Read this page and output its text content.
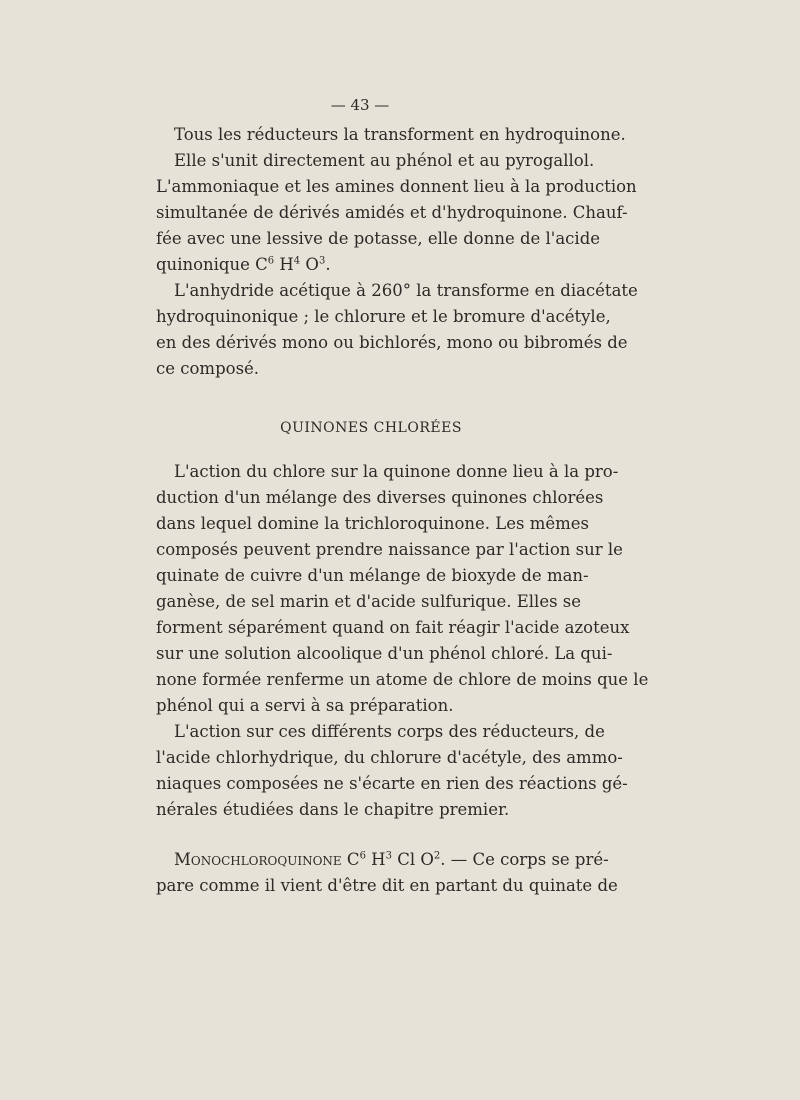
— 43 —
Tous les réducteurs la transforment en hydroquinone.
Elle s'unit directement au phénol et au pyrogallol.
L'ammoniaque et les amines donnent lieu à la production
simultanée de dérivés amidés et d'hydroquinone. Chauf-
fée avec une lessive de potasse, elle donne de l'acide
quinonique $C^6$ $H^4$ $O^3$.
L'anhydride acétique à 260° la transforme en diacétate
hydroquinonique ; le chlorure et le bromure d'acétyle,
en des dérivés mono ou bichlorés, mono ou bibromés de
ce composé.
QUINONES CHLORÉES
L'action du chlore sur la quinone donne lieu à la pro-
duction d'un mélange des diverses quinones chlorées
dans lequel domine la trichloroquinone. Les mêmes
composés peuvent prendre naissance par l'action sur le
quinate de cuivre d'un mélange de bioxyde de man-
ganèse, de sel marin et d'acide sulfurique. Elles se
forment séparément quand on fait réagir l'acide azoteux
sur une solution alcoolique d'un phénol chloré. La qui-
none formée renferme un atome de chlore de moins que le
phénol qui a servi à sa préparation.
L'action sur ces différents corps des réducteurs, de
l'acide chlorhydrique, du chlorure d'acétyle, des ammo-
niaques composées ne s'écarte en rien des réactions gé-
nérales étudiées dans le chapitre premier.
Monochloroquinone $C^6$ $H^3$ Cl $O^2$. — Ce corps se pré-
pare comme il vient d'être dit en partant du quinate de
